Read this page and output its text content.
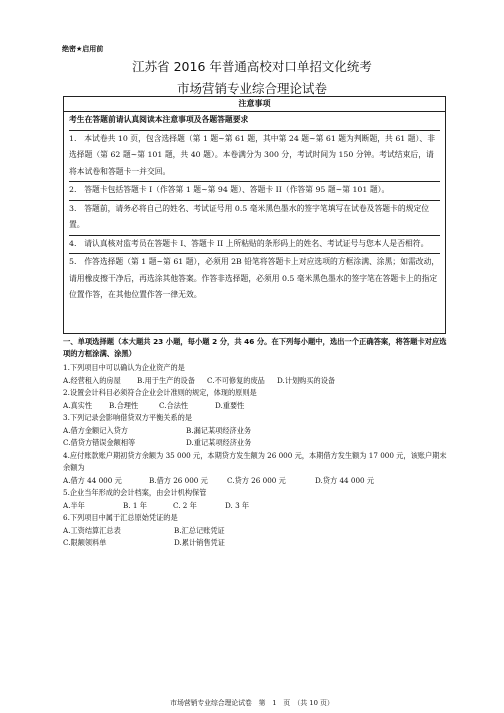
绝密★启用前
江苏省 2016 年普通高校对口单招文化统考
市场营销专业综合理论试卷
注意事项

考生在答题前请认真阅读本注意事项及各题答题要求

1.　本试卷共 10 页，包含选择题（第 1 题~第 61 题，其中第 24 题~第 61 题为判断题，共 61 题）、非选择题（第 62 题~第 101 题，共 40 题）。本卷满分为 300 分，考试时间为 150 分钟。考试结束后，请将本试卷和答题卡一并交回。

2.　答题卡包括答题卡 I（作答第 1 题~第 94 题）、答题卡 II（作答第 95 题~第 101 题）。

3.　答题前，请务必将自己的姓名、考试证号用 0.5 毫米黑色墨水的签字笔填写在试卷及答题卡的规定位置。

4.　请认真核对监考员在答题卡 I、答题卡 II 上所粘贴的条形码上的姓名、考试证号与您本人是否相符。

5.　作答选择题（第 1 题~第 61 题），必须用 2B 铅笔将答题卡上对应选项的方框涂满、涂黑；如需改动，请用橡皮擦干净后，再选涂其他答案。作答非选择题，必须用 0.5 毫米黑色墨水的签字笔在答题卡上的指定位置作答，在其他位置作答一律无效。

一、单项选择题（本大题共 23 小题，每小题 2 分，共 46 分。在下列每小题中，选出一个正确答案，将答题卡对应选项的方框涂满、涂黑）
1.下列项目中可以确认为企业资产的是
A.经营租入的房屋 B.用于生产的设备 C.不可修复的废品 D.计划购买的设备
2.设置会计科目必须符合企业会计准则的规定，体现的原则是
A.真实性 B.合理性	C.合法性	D.重要性
3.下列记录会影响借贷双方平衡关系的是
A.借方金额记入贷方	B.漏记某项经济业务
C.借贷方错误金额相等	D.重记某项经济业务
4.应付账款账户期初贷方余额为 35 000 元，本期贷方发生额为 26 000 元，本期借方发生额为 17 000 元，该账户期末余额为
A.借方 44 000 元	B.借方 26 000 元	C.贷方 26 000 元	D.贷方 44 000 元
5.企业当年形成的会计档案，由会计机构保管
A.半年	B. 1 年	C. 2 年	D. 3 年
6.下列项目中属于汇总原始凭证的是
A.工资结算汇总表	B.汇总记账凭证
C.限额领料单	D.累计销售凭证
市场营销专业综合理论试卷　第　1　页　（共 10 页）
